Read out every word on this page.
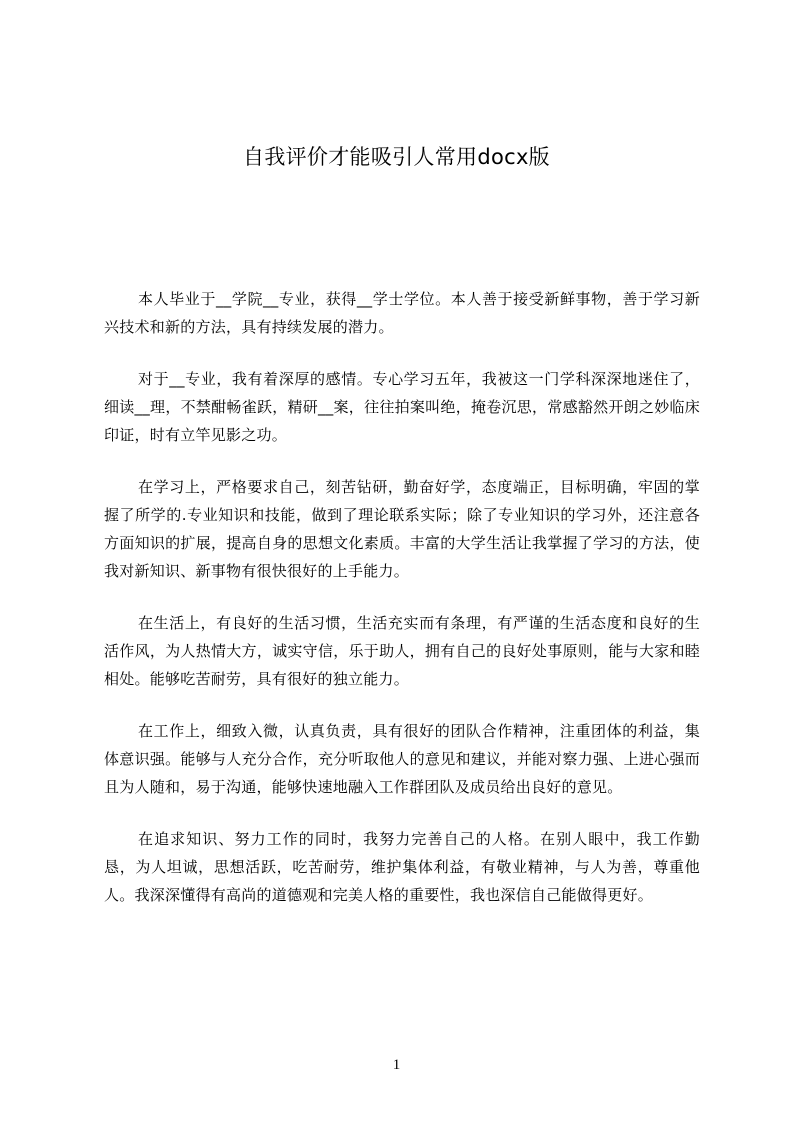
自我评价才能吸引人常用docx版

本人毕业于__学院__专业，获得__学士学位。本人善于接受新鲜事物，善于学习新兴技术和新的方法，具有持续发展的潜力。

对于__专业，我有着深厚的感情。专心学习五年，我被这一门学科深深地迷住了，细读__理，不禁酣畅雀跃，精研__案，往往拍案叫绝，掩卷沉思，常感豁然开朗之妙临床印证，时有立竿见影之功。

在学习上，严格要求自己，刻苦钻研，勤奋好学，态度端正，目标明确，牢固的掌握了所学的.专业知识和技能，做到了理论联系实际；除了专业知识的学习外，还注意各方面知识的扩展，提高自身的思想文化素质。丰富的大学生活让我掌握了学习的方法，使我对新知识、新事物有很快很好的上手能力。

在生活上，有良好的生活习惯，生活充实而有条理，有严谨的生活态度和良好的生活作风，为人热情大方，诚实守信，乐于助人，拥有自己的良好处事原则，能与大家和睦相处。能够吃苦耐劳，具有很好的独立能力。

在工作上，细致入微，认真负责，具有很好的团队合作精神，注重团体的利益，集体意识强。能够与人充分合作，充分听取他人的意见和建议，并能对察力强、上进心强而且为人随和，易于沟通，能够快速地融入工作群团队及成员给出良好的意见。

在追求知识、努力工作的同时，我努力完善自己的人格。在别人眼中，我工作勤恳，为人坦诚，思想活跃，吃苦耐劳，维护集体利益，有敬业精神，与人为善，尊重他人。我深深懂得有高尚的道德观和完美人格的重要性，我也深信自己能做得更好。

1
